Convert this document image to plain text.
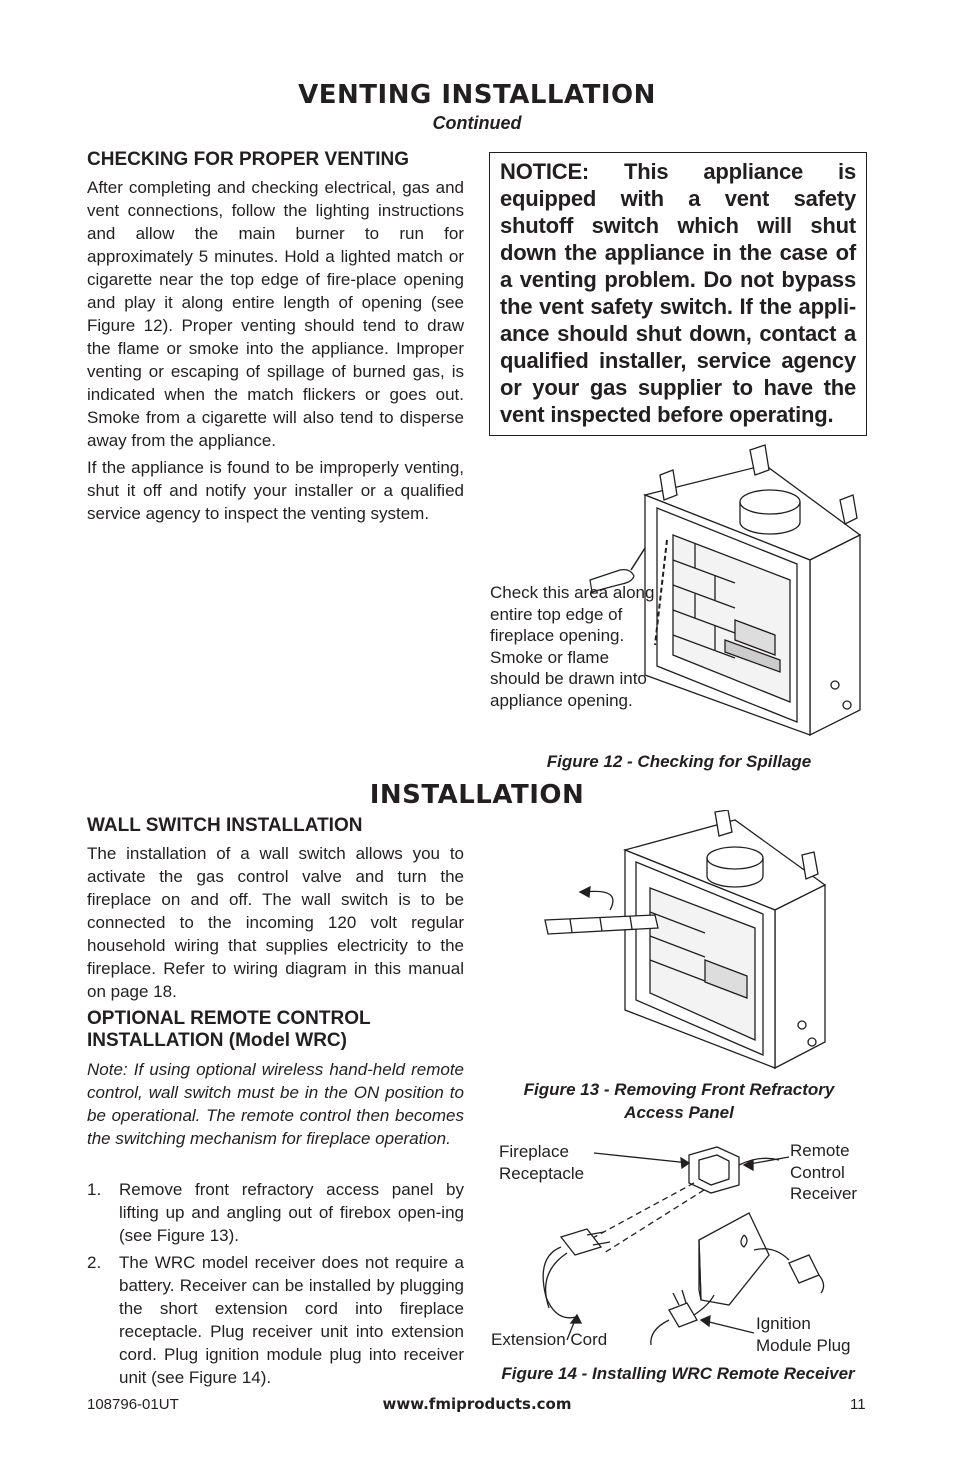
VENTING INSTALLATION
Continued
CHECKING FOR PROPER VENTING

After completing and checking electrical, gas and vent connections, follow the lighting instructions and allow the main burner to run for approximately 5 minutes. Hold a lighted match or cigarette near the top edge of fire-place opening and play it along entire length of opening (see Figure 12). Proper venting should tend to draw the flame or smoke into the appliance. Improper venting or escaping of spillage of burned gas, is indicated when the match flickers or goes out. Smoke from a cigarette will also tend to disperse away from the appliance.

If the appliance is found to be improperly venting, shut it off and notify your installer or a qualified service agency to inspect the venting system.

NOTICE: This appliance is equipped with a vent safety shutoff switch which will shut down the appliance in the case of a venting problem. Do not bypass the vent safety switch. If the appli-ance should shut down, contact a qualified installer, service agency or your gas supplier to have the vent inspected before operating.
Check this area along entire top edge of fireplace opening. Smoke or flame should be drawn into appliance opening.
Figure 12 - Checking for Spillage
INSTALLATION
WALL SWITCH INSTALLATION
The installation of a wall switch allows you to activate the gas control valve and turn the fireplace on and off. The wall switch is to be connected to the incoming 120 volt regular household wiring that supplies electricity to the fireplace. Refer to wiring diagram in this manual on page 18.
OPTIONAL REMOTE CONTROL
INSTALLATION (Model WRC)
Note: If using optional wireless hand-held remote control, wall switch must be in the ON position to be operational. The remote control then becomes the switching mechanism for fireplace operation.
1. Remove front refractory access panel by lifting up and angling out of firebox open-ing (see Figure 13).
2. The WRC model receiver does not require a battery. Receiver can be installed by plugging the short extension cord into fireplace receptacle. Plug receiver unit into extension cord. Plug ignition module plug into receiver unit (see Figure 14).
Figure 13 - Removing Front Refractory
Access Panel
Fireplace
Receptacle
Remote
Control
Receiver
Extension Cord
Ignition
Module Plug
Figure 14 - Installing WRC Remote Receiver
108796-01UT	www.fmiproducts.com	11
